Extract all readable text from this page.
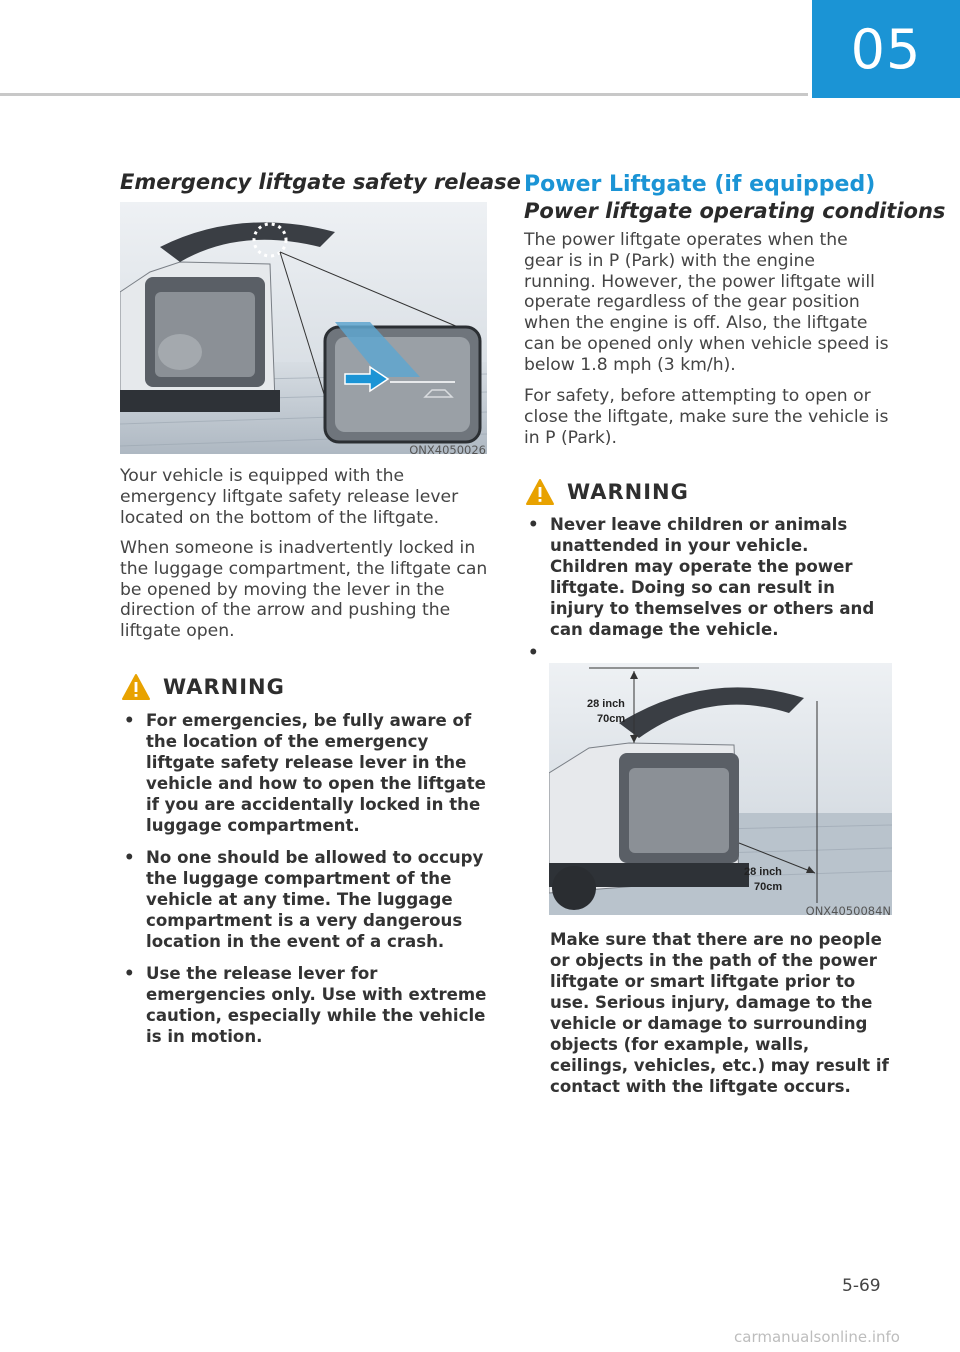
05
Emergency liftgate safety release
ONX4050026

Your vehicle is equipped with the emergency liftgate safety release lever located on the bottom of the liftgate.

When someone is inadvertently locked in the luggage compartment, the liftgate can be opened by moving the lever in the direction of the arrow and pushing the liftgate open.

WARNING
• For emergencies, be fully aware of the location of the emergency liftgate safety release lever in the vehicle and how to open the liftgate if you are accidentally locked in the luggage compartment.
• No one should be allowed to occupy the luggage compartment of the vehicle at any time. The luggage compartment is a very dangerous location in the event of a crash.
• Use the release lever for emergencies only. Use with extreme caution, especially while the vehicle is in motion.
Power Liftgate (if equipped)
Power liftgate operating conditions

The power liftgate operates when the gear is in P (Park) with the engine running. However, the power liftgate will operate regardless of the gear position when the engine is off. Also, the liftgate can be opened only when vehicle speed is below 1.8 mph (3 km/h).

For safety, before attempting to open or close the liftgate, make sure the vehicle is in P (Park).

WARNING
• Never leave children or animals unattended in your vehicle. Children may operate the power liftgate. Doing so can result in injury to themselves or others and can damage the vehicle.
•
28 inch
70cm
28 inch
70cm
ONX4050084N

Make sure that there are no people or objects in the path of the power liftgate or smart liftgate prior to use. Serious injury, damage to the vehicle or damage to surrounding objects (for example, walls, ceilings, vehicles, etc.) may result if contact with the liftgate occurs.

5-69
carmanualsonline.info
